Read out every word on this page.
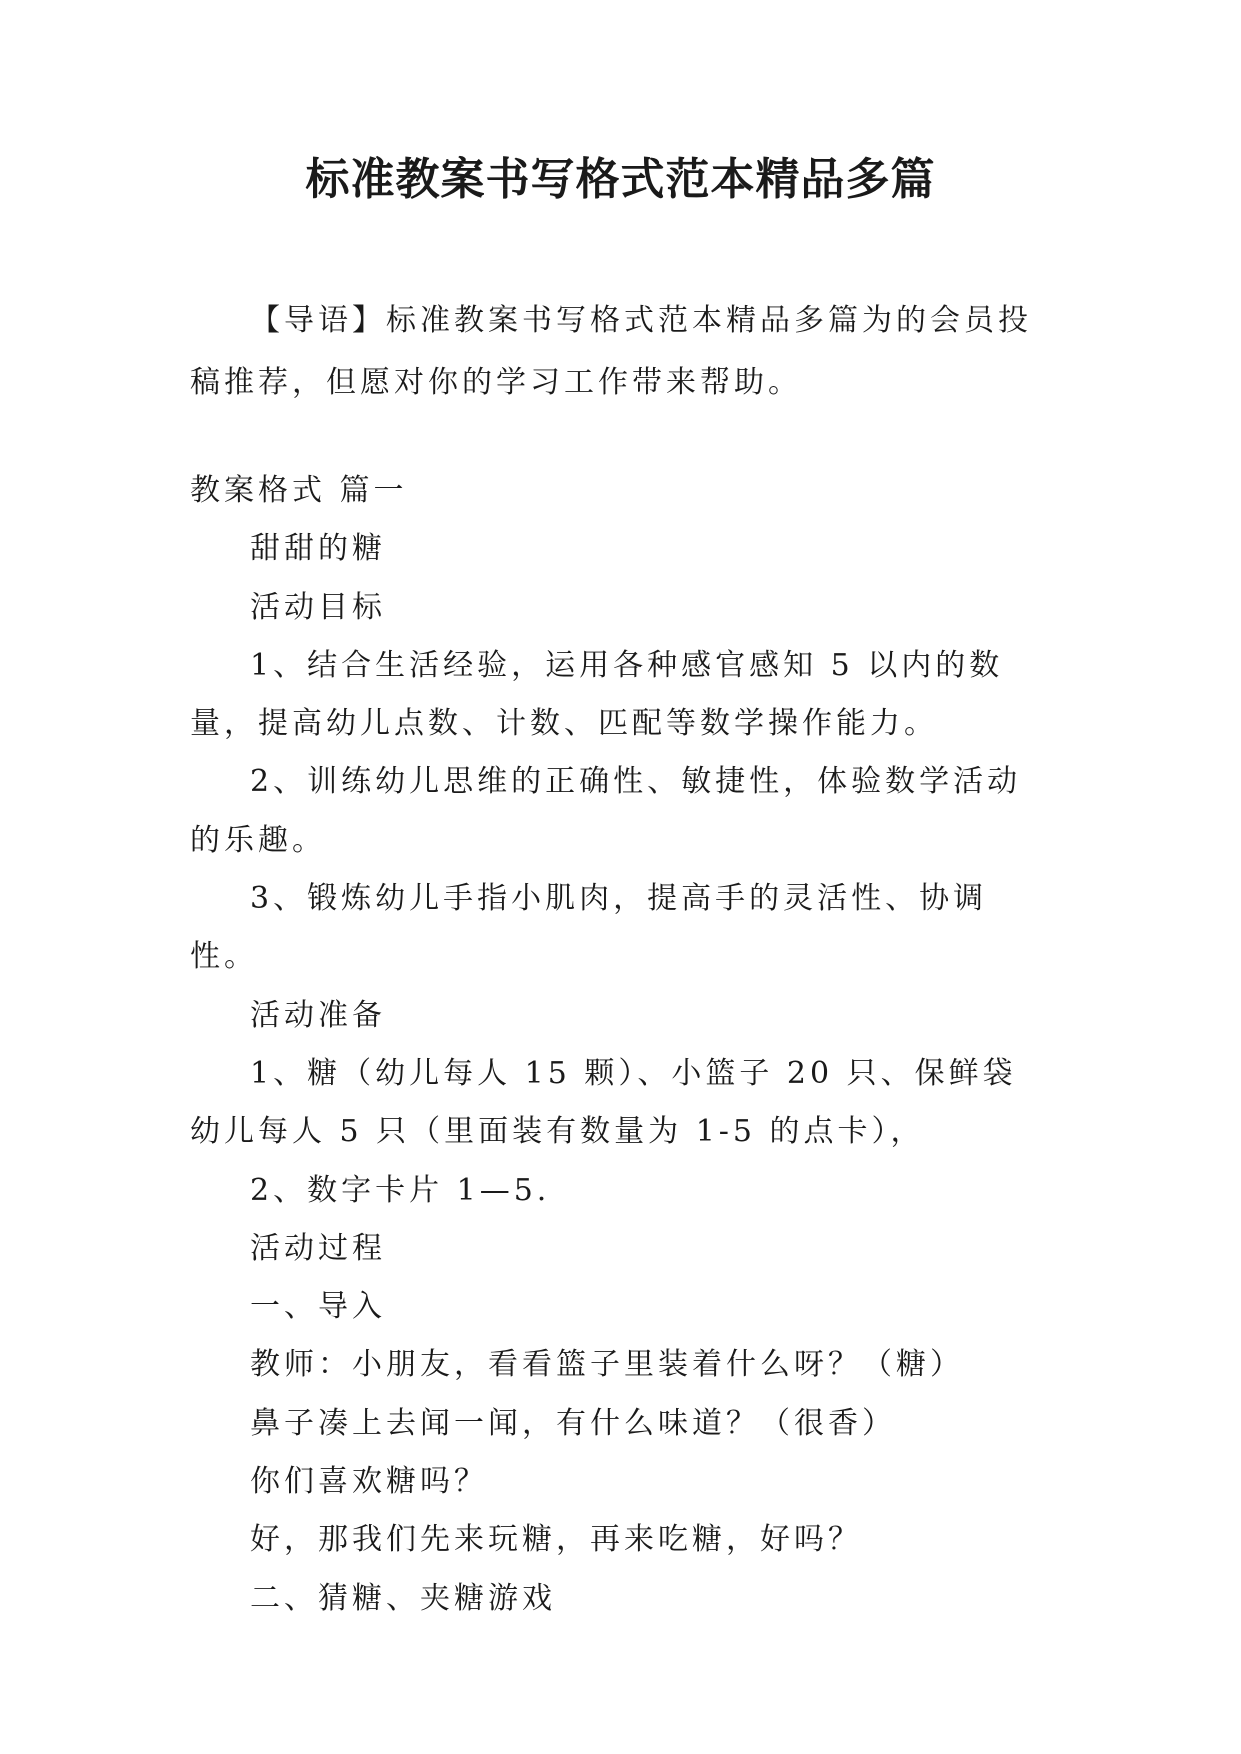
标准教案书写格式范本精品多篇

【导语】标准教案书写格式范本精品多篇为的会员投稿推荐，但愿对你的学习工作带来帮助。

教案格式 篇一

甜甜的糖

活动目标

1、结合生活经验，运用各种感官感知 5 以内的数量，提高幼儿点数、计数、匹配等数学操作能力。

2、训练幼儿思维的正确性、敏捷性，体验数学活动的乐趣。

3、锻炼幼儿手指小肌肉，提高手的灵活性、协调性。

活动准备

1、糖（幼儿每人 15 颗）、小篮子 20 只、保鲜袋幼儿每人 5 只（里面装有数量为 1-5 的点卡），

2、数字卡片 1—5.

活动过程

一、导入

教师：小朋友，看看篮子里装着什么呀？（糖）

鼻子凑上去闻一闻，有什么味道？（很香）

你们喜欢糖吗？

好，那我们先来玩糖，再来吃糖，好吗？

二、猜糖、夹糖游戏
